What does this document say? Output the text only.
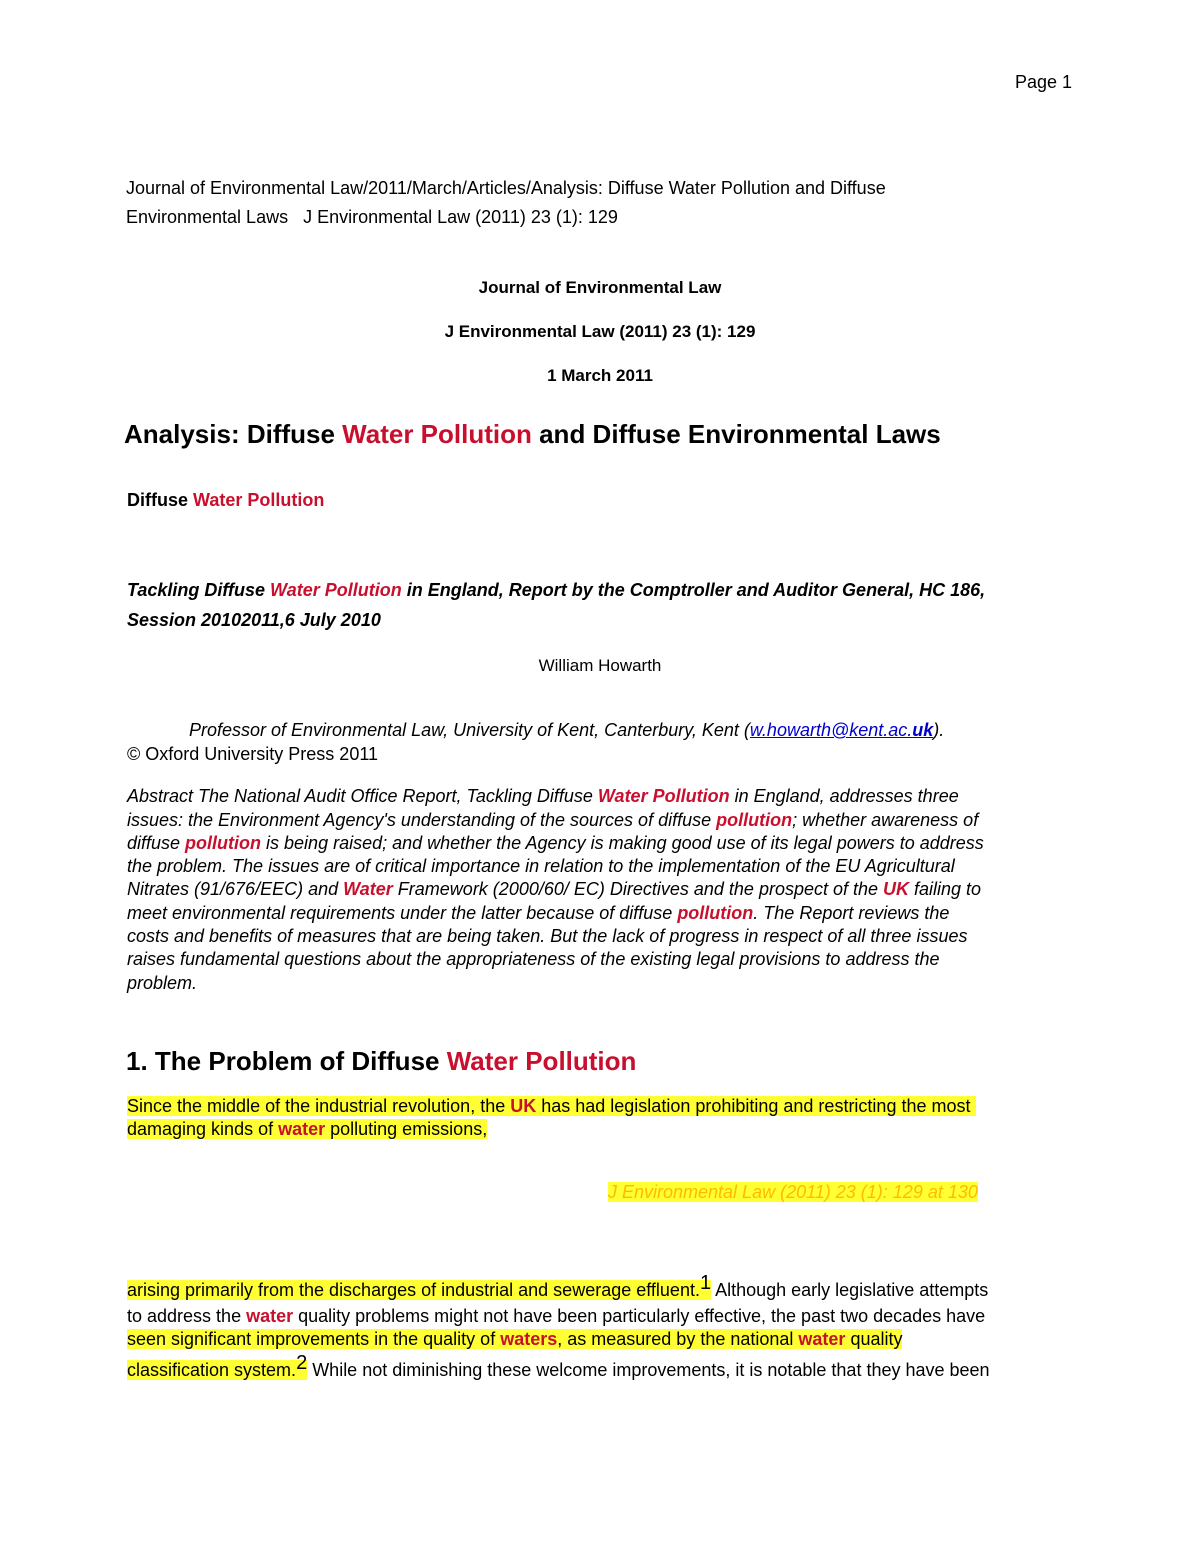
Page 1
Journal of Environmental Law/2011/March/Articles/Analysis: Diffuse Water Pollution and Diffuse
Environmental Laws   J Environmental Law (2011) 23 (1): 129
Journal of Environmental Law
J Environmental Law (2011) 23 (1): 129
1 March 2011
Analysis: Diffuse Water Pollution and Diffuse Environmental Laws
Diffuse Water Pollution
Tackling Diffuse Water Pollution in England, Report by the Comptroller and Auditor General, HC 186,
Session 20102011,6 July 2010
William Howarth
Professor of Environmental Law, University of Kent, Canterbury, Kent (w.howarth@kent.ac.uk).
© Oxford University Press 2011
Abstract The National Audit Office Report, Tackling Diffuse Water Pollution in England, addresses three
issues: the Environment Agency's understanding of the sources of diffuse pollution; whether awareness of
diffuse pollution is being raised; and whether the Agency is making good use of its legal powers to address
the problem. The issues are of critical importance in relation to the implementation of the EU Agricultural
Nitrates (91/676/EEC) and Water Framework (2000/60/ EC) Directives and the prospect of the UK failing to
meet environmental requirements under the latter because of diffuse pollution. The Report reviews the
costs and benefits of measures that are being taken. But the lack of progress in respect of all three issues
raises fundamental questions about the appropriateness of the existing legal provisions to address the
problem.
1. The Problem of Diffuse Water Pollution
Since the middle of the industrial revolution, the UK has had legislation prohibiting and restricting the most
damaging kinds of water polluting emissions,
J Environmental Law (2011) 23 (1): 129 at 130
arising primarily from the discharges of industrial and sewerage effluent.$^1$ Although early legislative attempts
to address the water quality problems might not have been particularly effective, the past two decades have
seen significant improvements in the quality of waters, as measured by the national water quality
classification system.$^2$ While not diminishing these welcome improvements, it is notable that they have been
